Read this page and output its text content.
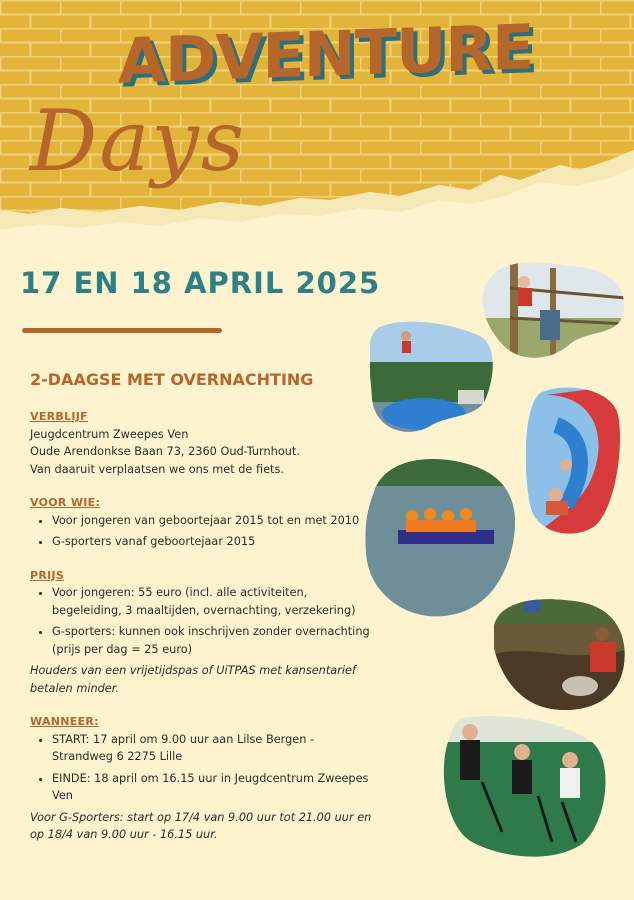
ADVENTURE
Days
17 EN 18 APRIL 2025
2-DAAGSE MET OVERNACHTING
VERBLIJF
Jeugdcentrum Zweepes Ven
Oude Arendonkse Baan 73, 2360 Oud-Turnhout.
Van daaruit verplaatsen we ons met de fiets.
VOOR WIE:
• Voor jongeren van geboortejaar 2015 tot en met 2010
• G-sporters vanaf geboortejaar 2015
PRIJS
• Voor jongeren: 55 euro (incl. alle activiteiten, begeleiding, 3 maaltijden, overnachting, verzekering)
• G-sporters: kunnen ook inschrijven zonder overnachting (prijs per dag = 25 euro)
Houders van een vrijetijdspas of UiTPAS met kansentarief betalen minder.
WANNEER:
• START: 17 april om 9.00 uur aan Lilse Bergen - Strandweg 6 2275 Lille
• EINDE: 18 april om 16.15 uur in Jeugdcentrum Zweepes Ven
Voor G-Sporters: start op 17/4 van 9.00 uur tot 21.00 uur en op 18/4 van 9.00 uur - 16.15 uur.
